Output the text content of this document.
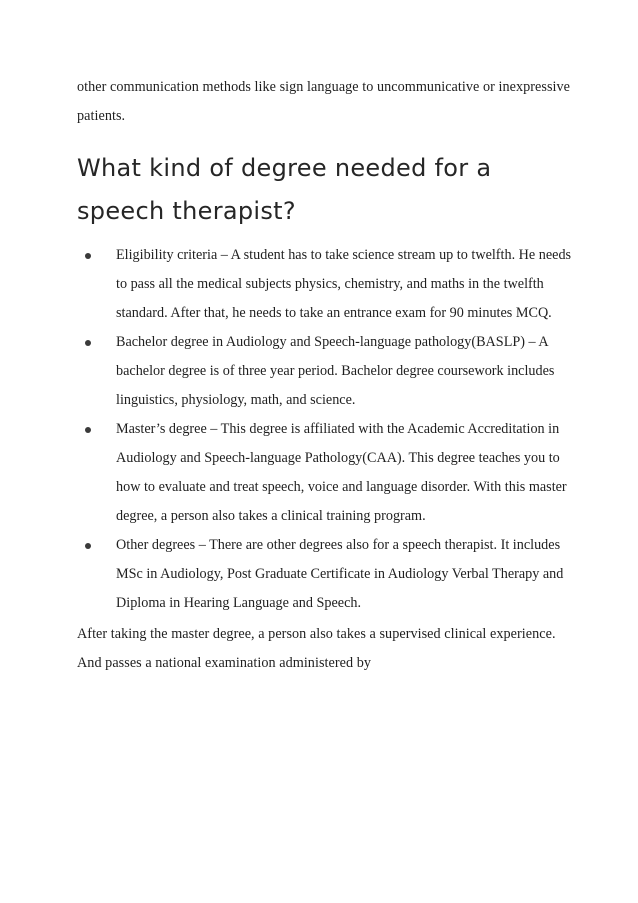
other communication methods like sign language to uncommunicative or inexpressive patients.

What kind of degree needed for a speech therapist?
Eligibility criteria – A student has to take science stream up to twelfth. He needs to pass all the medical subjects physics, chemistry, and maths in the twelfth standard. After that, he needs to take an entrance exam for 90 minutes MCQ.
Bachelor degree in Audiology and Speech-language pathology(BASLP) – A bachelor degree is of three year period. Bachelor degree coursework includes linguistics, physiology, math, and science.
Master’s degree – This degree is affiliated with the Academic Accreditation in Audiology and Speech-language Pathology(CAA). This degree teaches you to how to evaluate and treat speech, voice and language disorder. With this master degree, a person also takes a clinical training program.
Other degrees – There are other degrees also for a speech therapist. It includes MSc in Audiology, Post Graduate Certificate in Audiology Verbal Therapy and Diploma in Hearing Language and Speech.

After taking the master degree, a person also takes a supervised clinical experience. And passes a national examination administered by
